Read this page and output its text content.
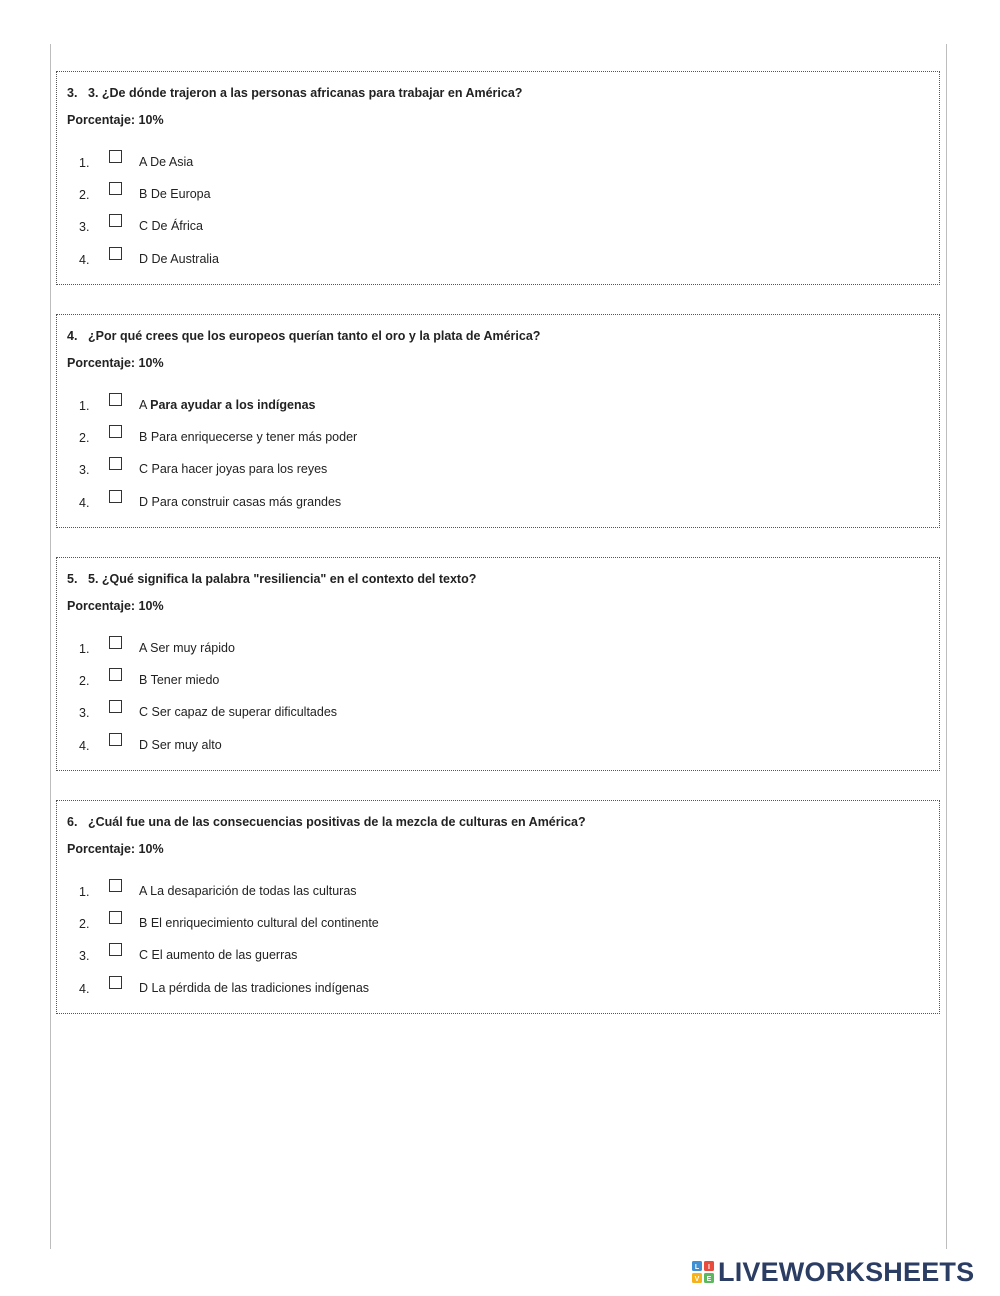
3. 3. ¿De dónde trajeron a las personas africanas para trabajar en América?
Porcentaje: 10%
1.	A De Asia
2.	B De Europa
3.	C De África
4.	D De Australia
4. ¿Por qué crees que los europeos querían tanto el oro y la plata de América?
Porcentaje: 10%
1.	A Para ayudar a los indígenas
2.	B Para enriquecerse y tener más poder
3.	C Para hacer joyas para los reyes
4.	D Para construir casas más grandes
5. 5. ¿Qué significa la palabra "resiliencia" en el contexto del texto?
Porcentaje: 10%
1.	A Ser muy rápido
2.	B Tener miedo
3.	C Ser capaz de superar dificultades
4.	D Ser muy alto
6. ¿Cuál fue una de las consecuencias positivas de la mezcla de culturas en América?
Porcentaje: 10%
1.	A La desaparición de todas las culturas
2.	B El enriquecimiento cultural del continente
3.	C El aumento de las guerras
4.	D La pérdida de las tradiciones indígenas
L I
V E LIVEWORKSHEETS
